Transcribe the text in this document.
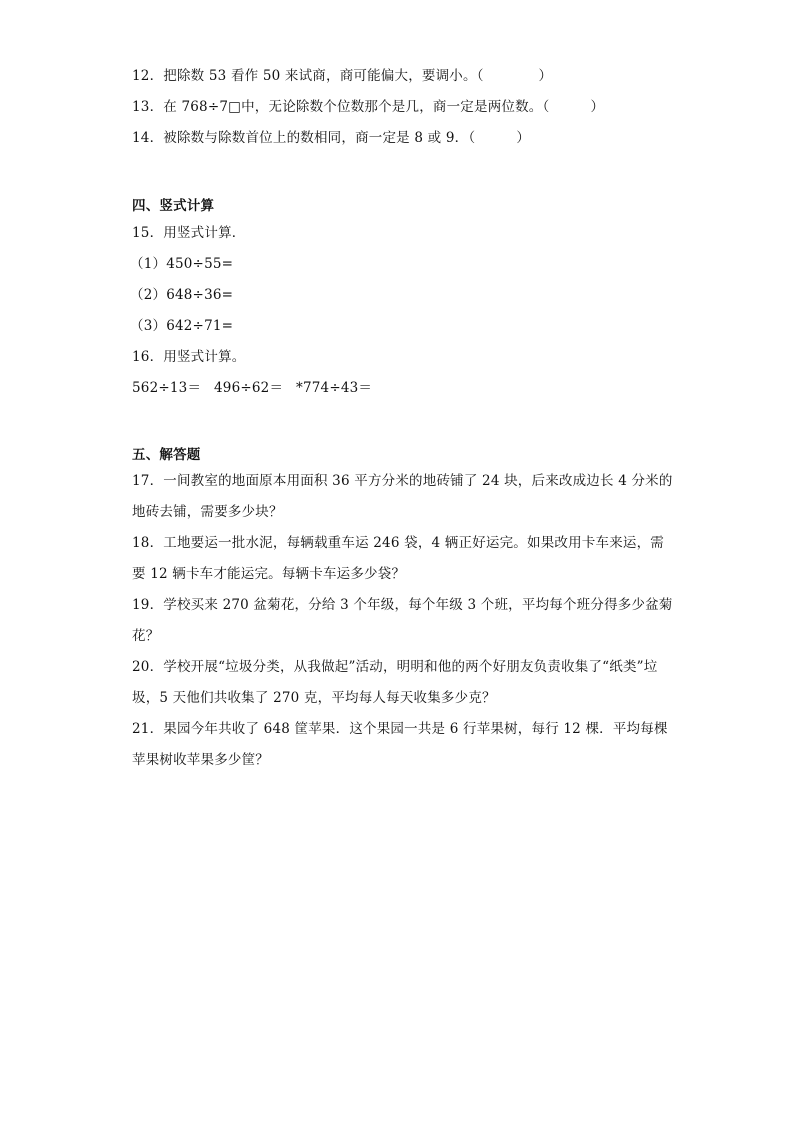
12．把除数 53 看作 50 来试商，商可能偏大，要调小。（　　　　）
13．在 768÷7□中，无论除数个位数那个是几，商一定是两位数。（　　　）
14．被除数与除数首位上的数相同，商一定是 8 或 9．（　　　）
四、竖式计算
15．用竖式计算．
（1）450÷55=
（2）648÷36=
（3）642÷71=
16．用竖式计算。
562÷13＝ 496÷62＝ *774÷43＝
五、解答题
17．一间教室的地面原本用面积 36 平方分米的地砖铺了 24 块，后来改成边长 4 分米的
地砖去铺，需要多少块？
18．工地要运一批水泥，每辆载重车运 246 袋，4 辆正好运完。如果改用卡车来运，需
要 12 辆卡车才能运完。每辆卡车运多少袋？
19．学校买来 270 盆菊花，分给 3 个年级，每个年级 3 个班，平均每个班分得多少盆菊
花？
20．学校开展“垃圾分类，从我做起”活动，明明和他的两个好朋友负责收集了“纸类”垃
圾，5 天他们共收集了 270 克，平均每人每天收集多少克？
21．果园今年共收了 648 筐苹果．这个果园一共是 6 行苹果树，每行 12 棵．平均每棵
苹果树收苹果多少筐？
